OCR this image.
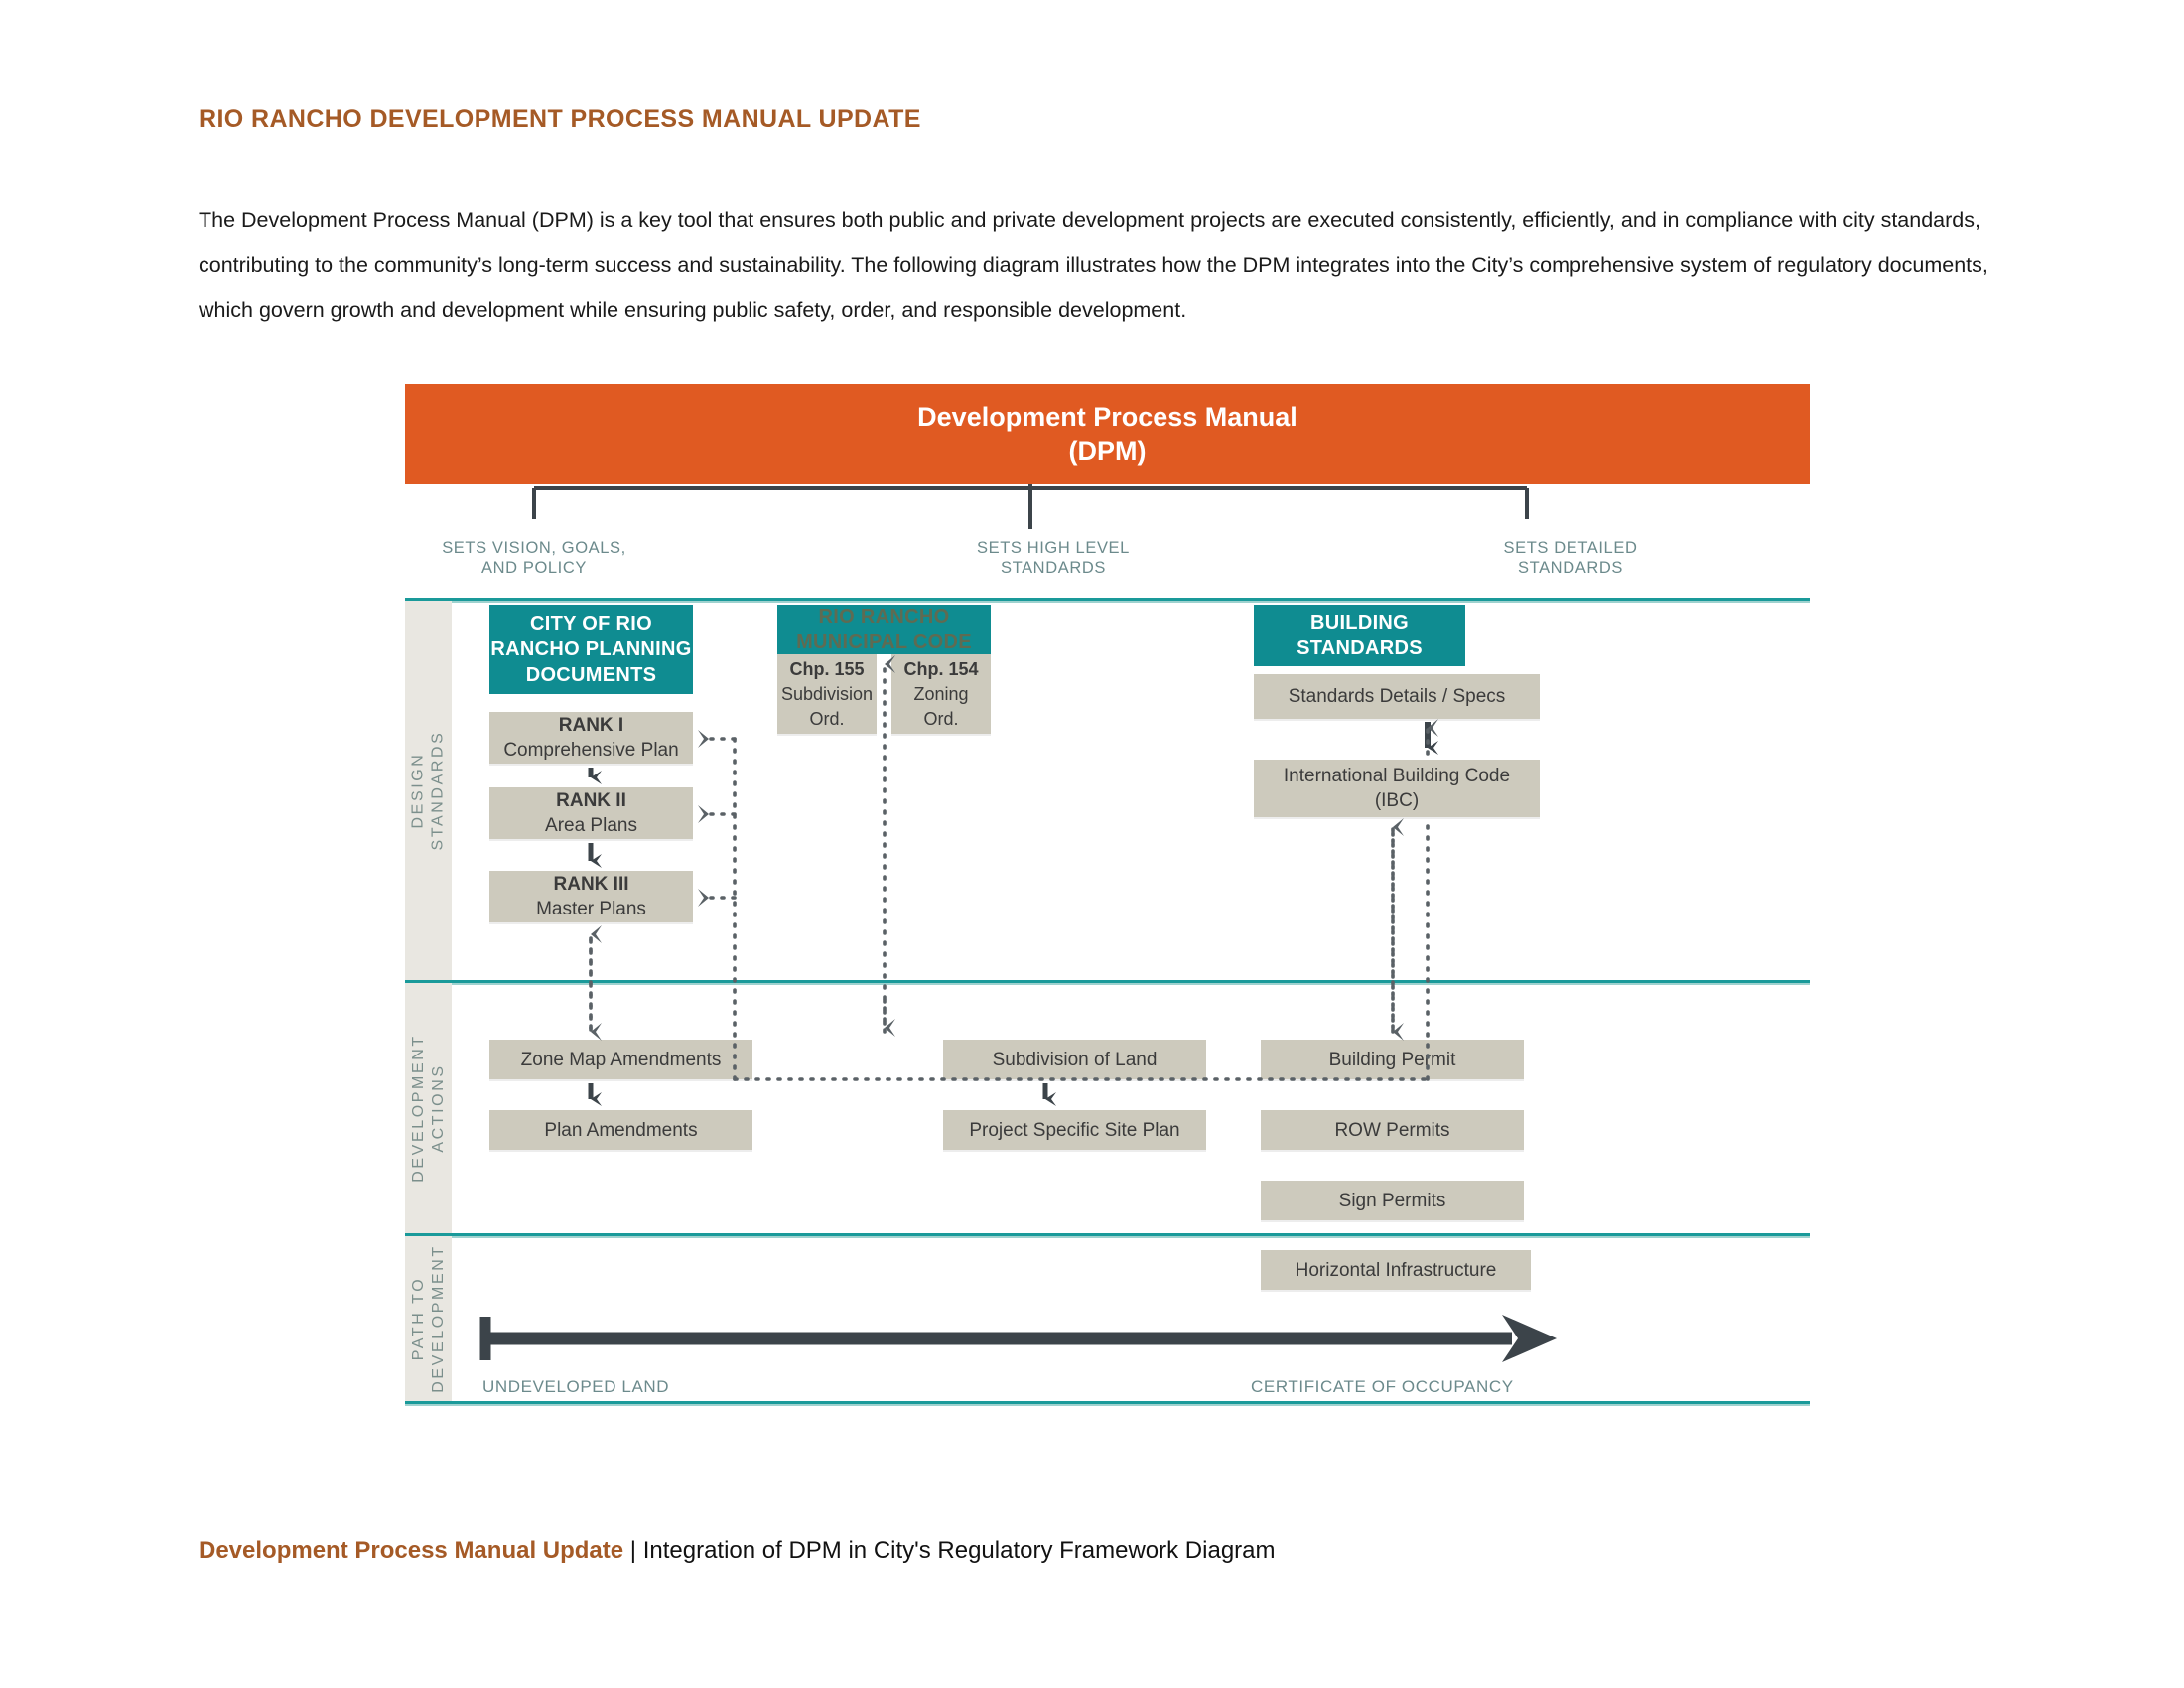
RIO RANCHO DEVELOPMENT PROCESS MANUAL UPDATE
The Development Process Manual (DPM) is a key tool that ensures both public and private development projects are executed consistently, efficiently, and in compliance with city standards, contributing to the community’s long-term success and sustainability. The following diagram illustrates how the DPM integrates into the City’s comprehensive system of regulatory documents, which govern growth and development while ensuring public safety, order, and responsible development.
Development Process Manual
(DPM)
SETS VISION, GOALS,
AND POLICY
SETS HIGH LEVEL
STANDARDS
SETS DETAILED
STANDARDS
DESIGN STANDARDS
DEVELOPMENT ACTIONS
PATH TO DEVELOPMENT
CITY OF RIO
RANCHO PLANNING
DOCUMENTS
RANK I
Comprehensive Plan
RANK II
Area Plans
RANK III
Master Plans
RIO RANCHO
MUNICIPAL CODE
Chp. 155
Subdivision
Ord.
Chp. 154
Zoning
Ord.
BUILDING
STANDARDS
Standards Details / Specs
International Building Code
(IBC)
Zone Map Amendments
Plan Amendments
Subdivision of Land
Project Specific Site Plan
Building Permit
ROW Permits
Sign Permits
Horizontal Infrastructure
UNDEVELOPED LAND	CERTIFICATE OF OCCUPANCY
Development Process Manual Update | Integration of DPM in City's Regulatory Framework Diagram
